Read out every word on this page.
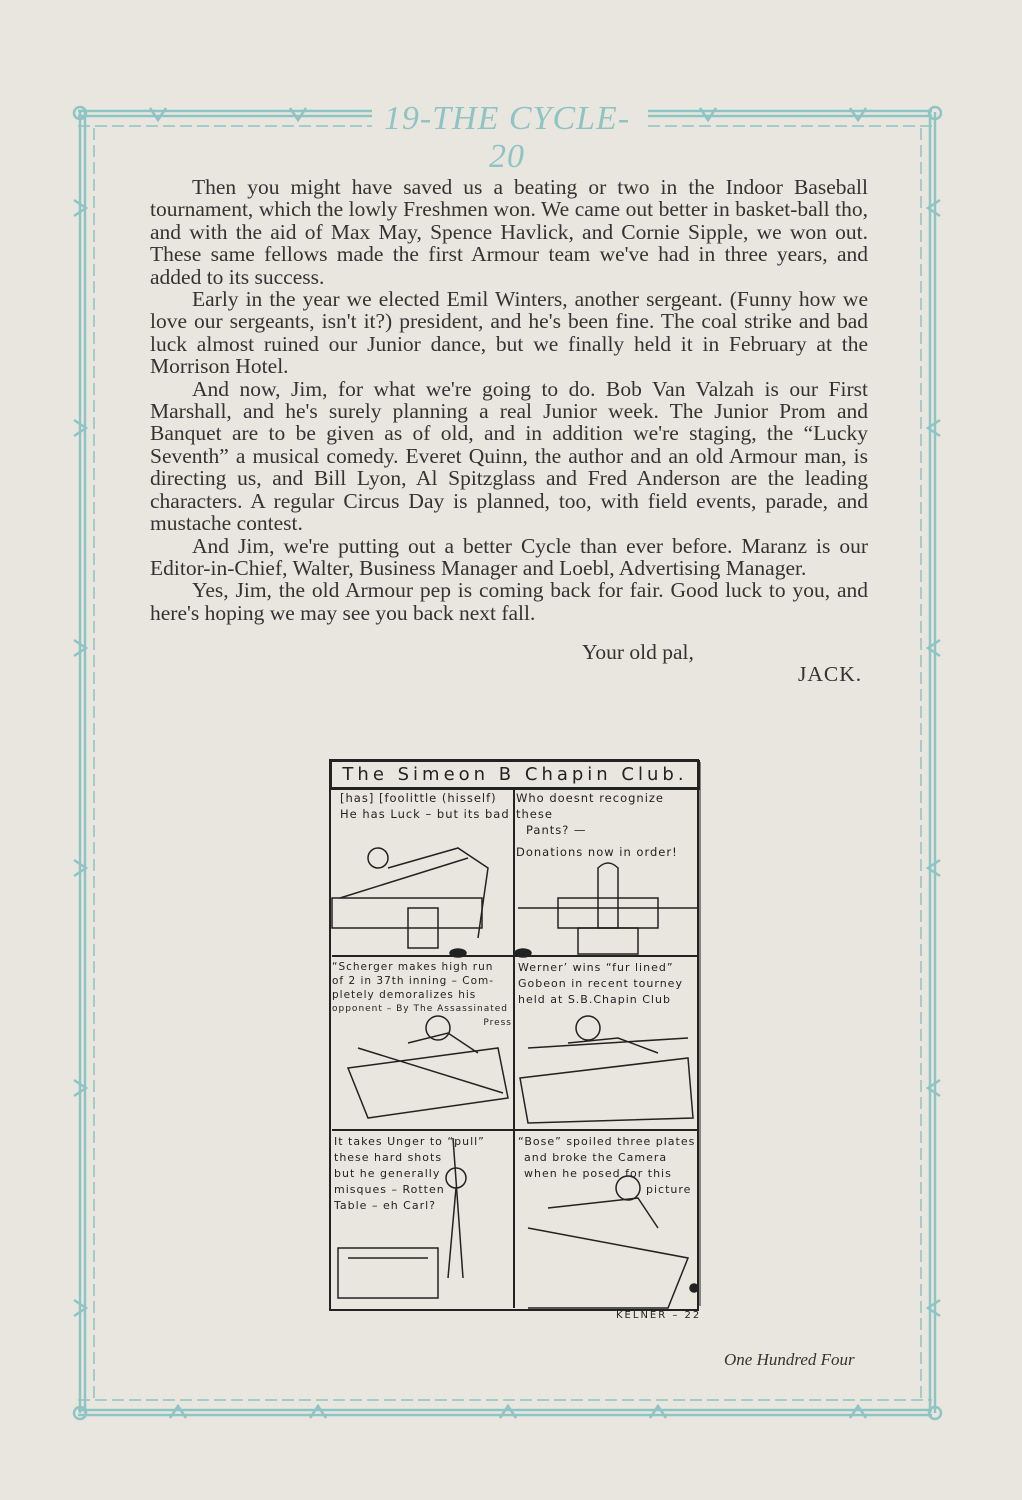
19-THE CYCLE-20

Then you might have saved us a beating or two in the Indoor Baseball tournament, which the lowly Freshmen won. We came out better in basket-ball tho, and with the aid of Max May, Spence Havlick, and Cornie Sipple, we won out. These same fellows made the first Armour team we've had in three years, and added to its success.

Early in the year we elected Emil Winters, another sergeant. (Funny how we love our sergeants, isn't it?) president, and he's been fine. The coal strike and bad luck almost ruined our Junior dance, but we finally held it in February at the Morrison Hotel.

And now, Jim, for what we're going to do. Bob Van Valzah is our First Marshall, and he's surely planning a real Junior week. The Junior Prom and Banquet are to be given as of old, and in addition we're staging, the “Lucky Seventh” a musical comedy. Everet Quinn, the author and an old Armour man, is directing us, and Bill Lyon, Al Spitzglass and Fred Anderson are the leading characters. A regular Circus Day is planned, too, with field events, parade, and mustache contest.

And Jim, we're putting out a better Cycle than ever before. Maranz is our Editor-in-Chief, Walter, Business Manager and Loebl, Advertising Manager.

Yes, Jim, the old Armour pep is coming back for fair. Good luck to you, and here's hoping we may see you back next fall.

Your old pal,
JACK.
The Simeon B Chapin Club.
[has] [foolittle (hisself)
He has Luck – but its bad
Who doesnt recognize these
Pants? —
Donations now in order!
“Scherger makes high run
of 2 in 37th inning – Com-
pletely demoralizes his
opponent – By The Assassinated
Press
Werner’ wins “fur lined”
Gobeon in recent tourney
held at S.B.Chapin Club
It takes Unger to “pull”
these hard shots
but he generally
misques – Rotten
Table – eh Carl?
“Bose” spoiled three plates
and broke the Camera
when he posed for this
picture
KELNER – 22
One Hundred Four
